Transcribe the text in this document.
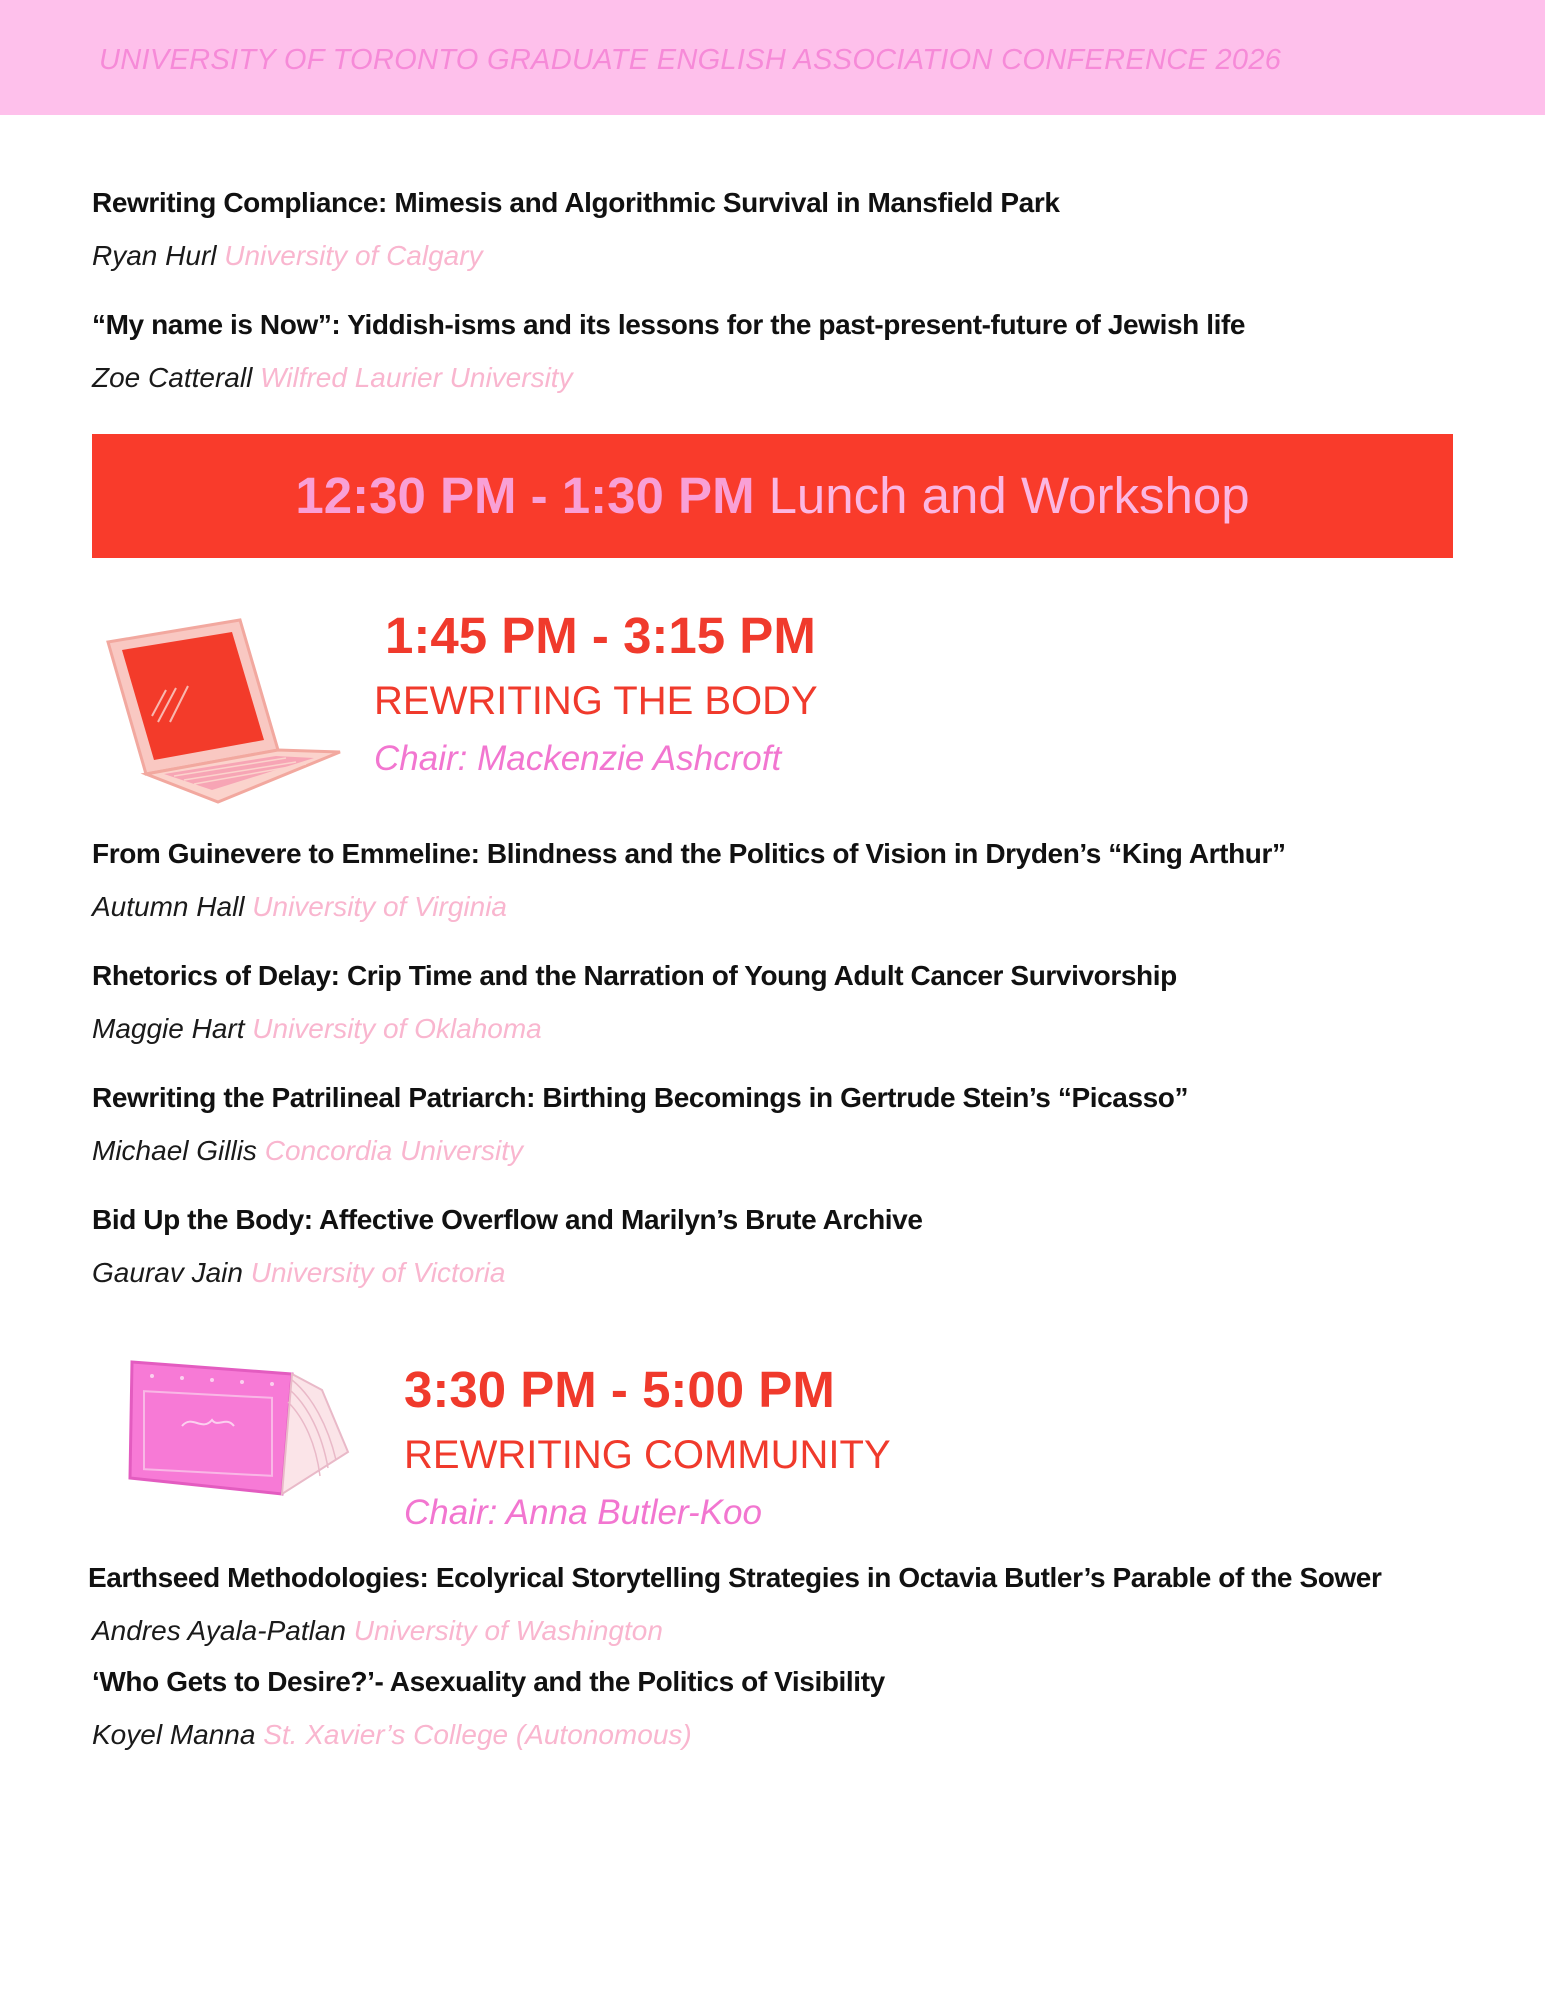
UNIVERSITY OF TORONTO GRADUATE ENGLISH ASSOCIATION CONFERENCE 2026
Rewriting Compliance: Mimesis and Algorithmic Survival in Mansfield Park
Ryan Hurl University of Calgary
“My name is Now”: Yiddish-isms and its lessons for the past-present-future of Jewish life
Zoe Catterall Wilfred Laurier University
12:30 PM - 1:30 PM Lunch and Workshop
1:45 PM - 3:15 PM
REWRITING THE BODY
Chair: Mackenzie Ashcroft
From Guinevere to Emmeline: Blindness and the Politics of Vision in Dryden’s “King Arthur”
Autumn Hall University of Virginia
Rhetorics of Delay: Crip Time and the Narration of Young Adult Cancer Survivorship
Maggie Hart University of Oklahoma
Rewriting the Patrilineal Patriarch: Birthing Becomings in Gertrude Stein’s “Picasso”
Michael Gillis Concordia University
Bid Up the Body: Affective Overflow and Marilyn’s Brute Archive
Gaurav Jain University of Victoria
3:30 PM - 5:00 PM
REWRITING COMMUNITY
Chair: Anna Butler-Koo
Earthseed Methodologies: Ecolyrical Storytelling Strategies in Octavia Butler’s Parable of the Sower
Andres Ayala-Patlan University of Washington
‘Who Gets to Desire?’- Asexuality and the Politics of Visibility
Koyel Manna St. Xavier’s College (Autonomous)
